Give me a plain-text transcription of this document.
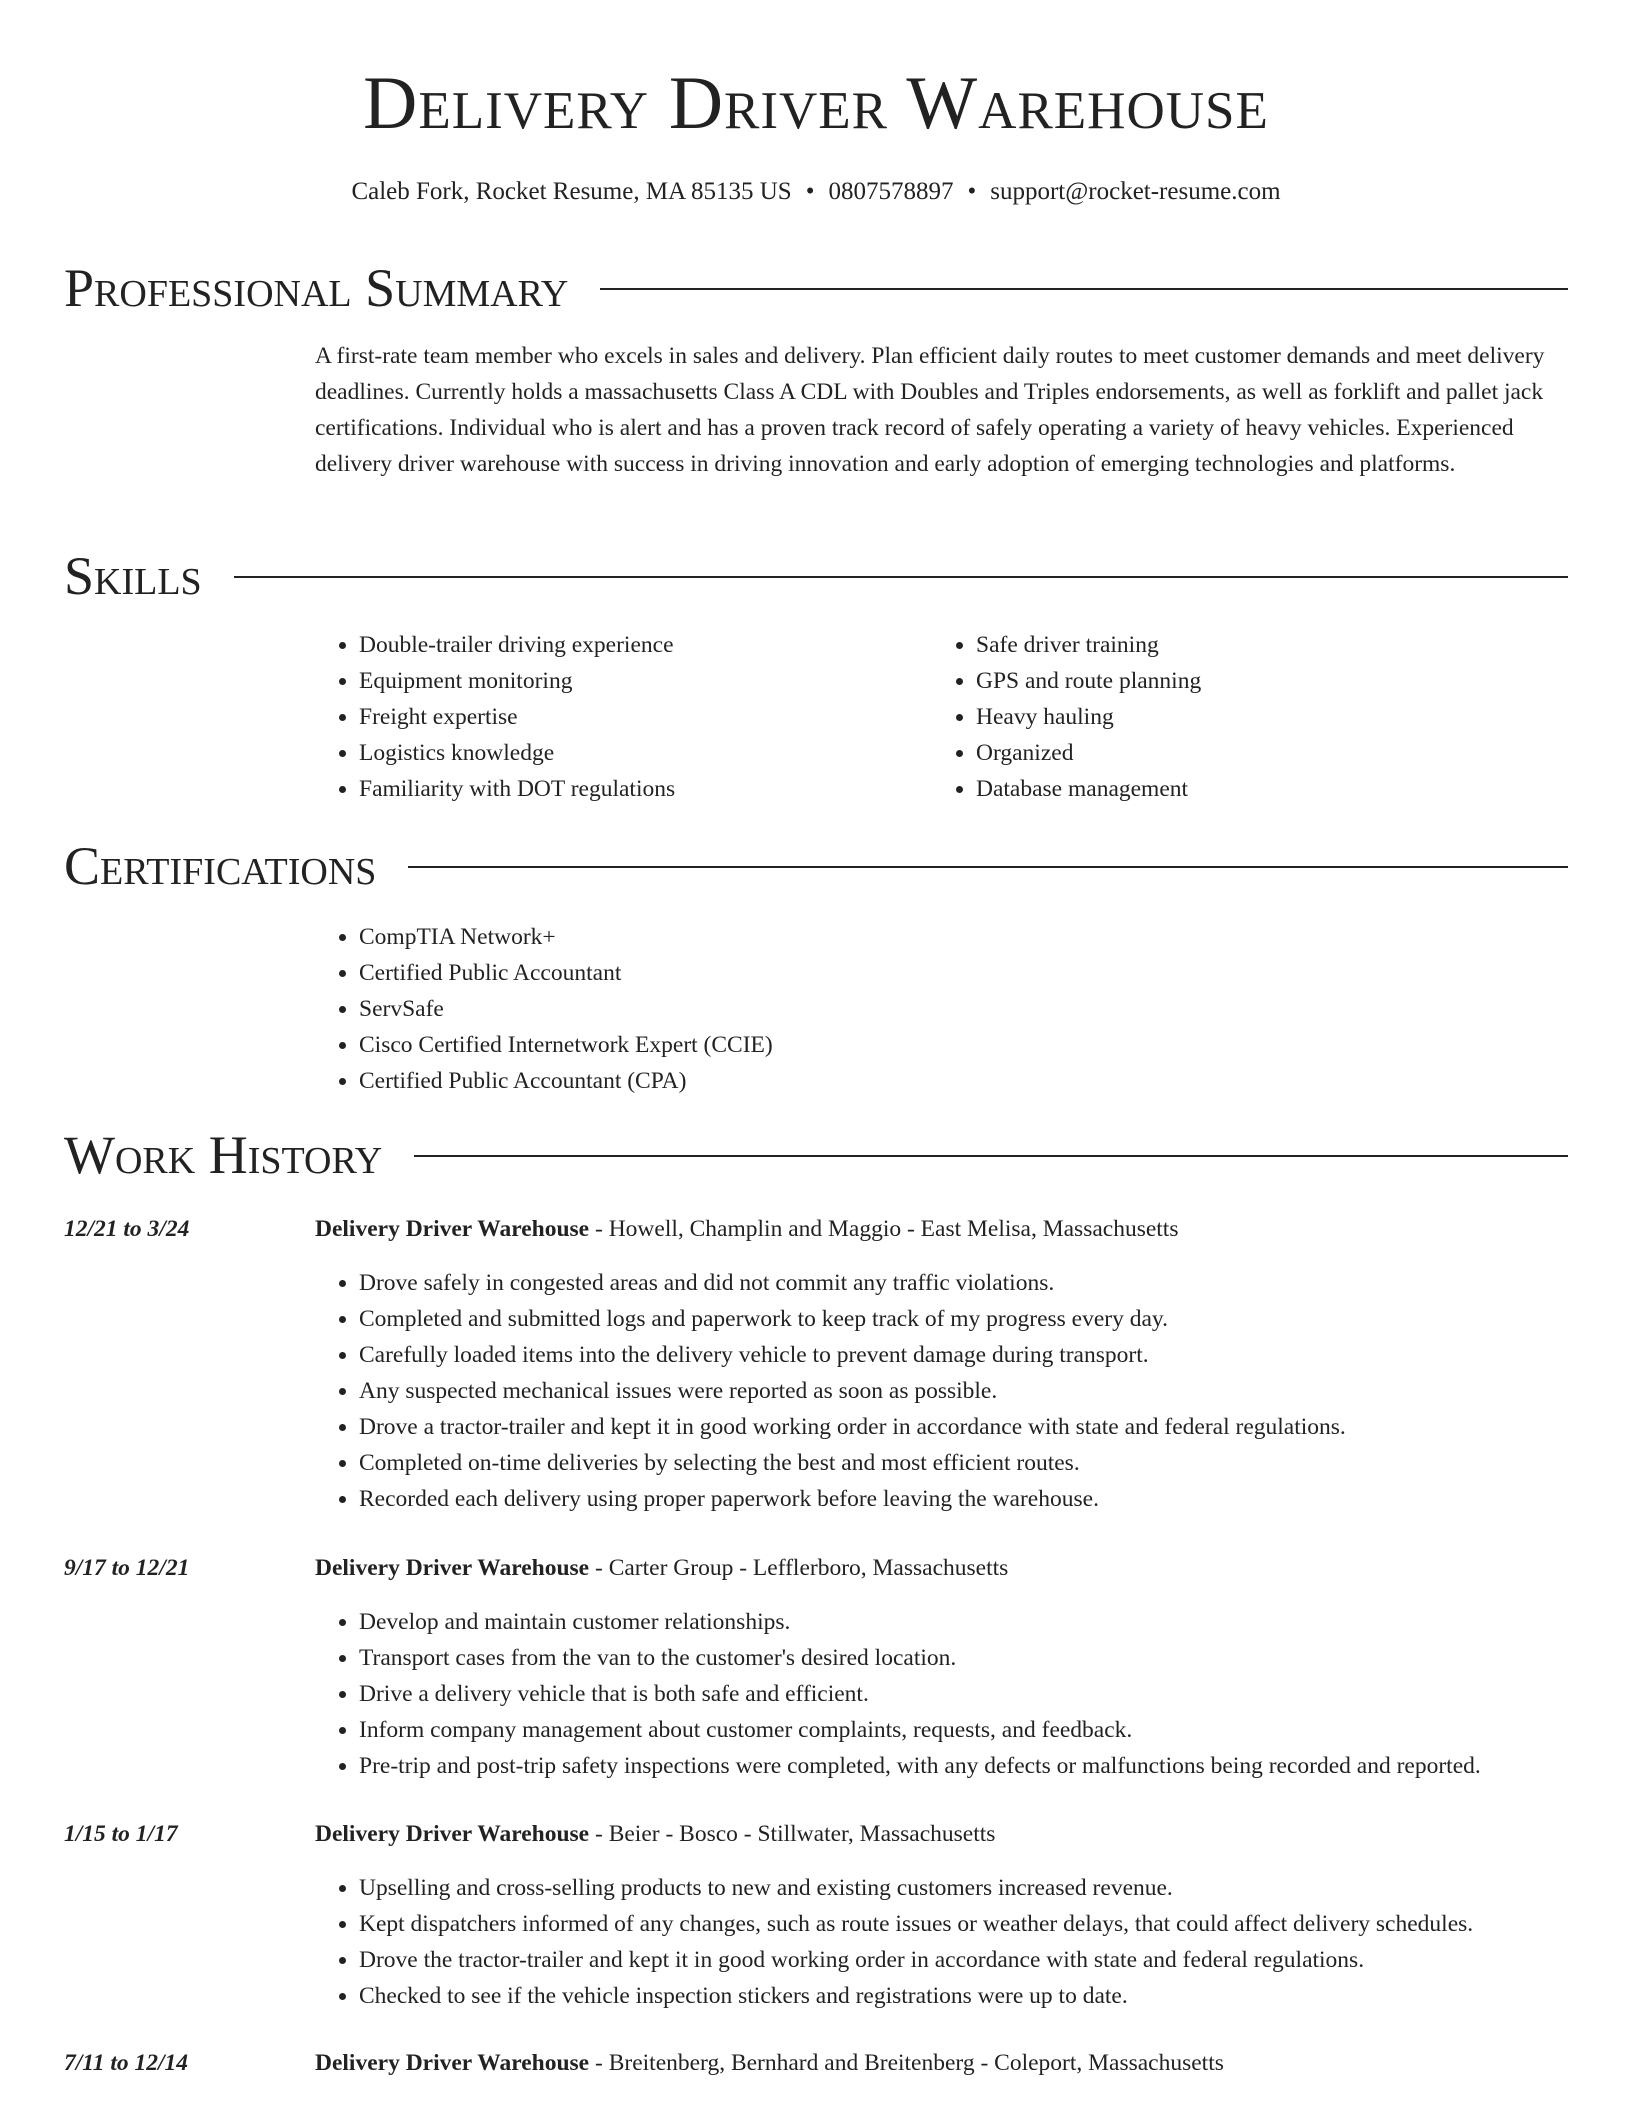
Delivery Driver Warehouse
Caleb Fork, Rocket Resume, MA 85135 US • 0807578897 • support@rocket-resume.com
Professional Summary
A first-rate team member who excels in sales and delivery. Plan efficient daily routes to meet customer demands and meet delivery deadlines. Currently holds a massachusetts Class A CDL with Doubles and Triples endorsements, as well as forklift and pallet jack certifications. Individual who is alert and has a proven track record of safely operating a variety of heavy vehicles. Experienced delivery driver warehouse with success in driving innovation and early adoption of emerging technologies and platforms.
Skills
• Double-trailer driving experience
• Equipment monitoring
• Freight expertise
• Logistics knowledge
• Familiarity with DOT regulations
• Safe driver training
• GPS and route planning
• Heavy hauling
• Organized
• Database management
Certifications
• CompTIA Network+
• Certified Public Accountant
• ServSafe
• Cisco Certified Internetwork Expert (CCIE)
• Certified Public Accountant (CPA)
Work History
12/21 to 3/24	Delivery Driver Warehouse - Howell, Champlin and Maggio - East Melisa, Massachusetts
• Drove safely in congested areas and did not commit any traffic violations.
• Completed and submitted logs and paperwork to keep track of my progress every day.
• Carefully loaded items into the delivery vehicle to prevent damage during transport.
• Any suspected mechanical issues were reported as soon as possible.
• Drove a tractor-trailer and kept it in good working order in accordance with state and federal regulations.
• Completed on-time deliveries by selecting the best and most efficient routes.
• Recorded each delivery using proper paperwork before leaving the warehouse.
9/17 to 12/21	Delivery Driver Warehouse - Carter Group - Lefflerboro, Massachusetts
• Develop and maintain customer relationships.
• Transport cases from the van to the customer's desired location.
• Drive a delivery vehicle that is both safe and efficient.
• Inform company management about customer complaints, requests, and feedback.
• Pre-trip and post-trip safety inspections were completed, with any defects or malfunctions being recorded and reported.
1/15 to 1/17	Delivery Driver Warehouse - Beier - Bosco - Stillwater, Massachusetts
• Upselling and cross-selling products to new and existing customers increased revenue.
• Kept dispatchers informed of any changes, such as route issues or weather delays, that could affect delivery schedules.
• Drove the tractor-trailer and kept it in good working order in accordance with state and federal regulations.
• Checked to see if the vehicle inspection stickers and registrations were up to date.
7/11 to 12/14	Delivery Driver Warehouse - Breitenberg, Bernhard and Breitenberg - Coleport, Massachusetts
